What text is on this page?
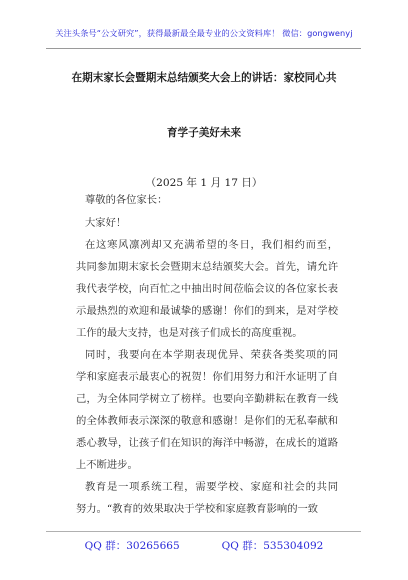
关注头条号“公文研究”，获得最新最全最专业的公文资料库！ 微信：gongwenyj
在期末家长会暨期末总结颁奖大会上的讲话：家校同心共
育学子美好未来
（2025 年 1 月 17 日）
尊敬的各位家长：
大家好！
在这寒风凛冽却又充满希望的冬日，我们相约而至，
共同参加期末家长会暨期末总结颁奖大会。首先，请允许
我代表学校，向百忙之中抽出时间莅临会议的各位家长表
示最热烈的欢迎和最诚挚的感谢！你们的到来，是对学校
工作的最大支持，也是对孩子们成长的高度重视。
同时，我要向在本学期表现优异、荣获各类奖项的同
学和家庭表示最衷心的祝贺！你们用努力和汗水证明了自
己，为全体同学树立了榜样。也要向辛勤耕耘在教育一线
的全体教师表示深深的敬意和感谢！是你们的无私奉献和
悉心教导，让孩子们在知识的海洋中畅游，在成长的道路
上不断进步。
教育是一项系统工程，需要学校、家庭和社会的共同
努力。“教育的效果取决于学校和家庭教育影响的一致
QQ 群：30265665	QQ 群：535304092
